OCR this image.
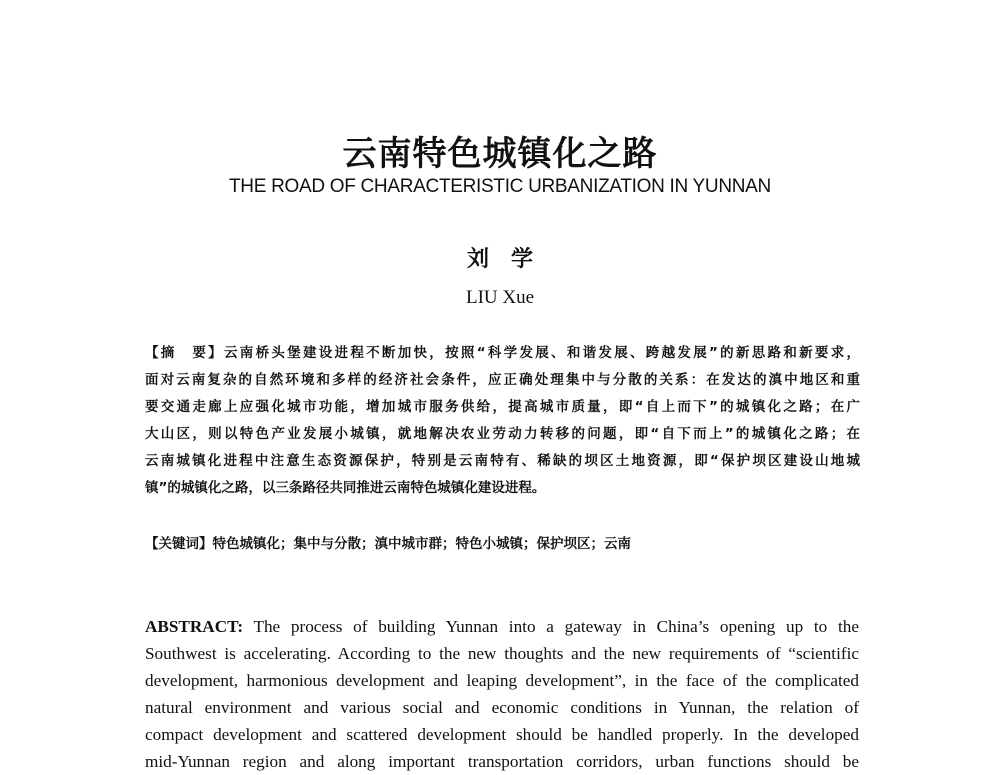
云南特色城镇化之路
THE ROAD OF CHARACTERISTIC URBANIZATION IN YUNNAN
刘　学
LIU Xue
【摘　要】云南桥头堡建设进程不断加快，按照“科学发展、和谐发展、跨越发展”的新思路和新要求，
面对云南复杂的自然环境和多样的经济社会条件，应正确处理集中与分散的关系：在发达的滇中地区和重
要交通走廊上应强化城市功能，增加城市服务供给，提高城市质量，即“自上而下”的城镇化之路；在广
大山区，则以特色产业发展小城镇，就地解决农业劳动力转移的问题，即“自下而上”的城镇化之路；在
云南城镇化进程中注意生态资源保护，特别是云南特有、稀缺的坝区土地资源，即“保护坝区建设山地城
镇”的城镇化之路，以三条路径共同推进云南特色城镇化建设进程。
【关键词】特色城镇化；集中与分散；滇中城市群；特色小城镇；保护坝区；云南
ABSTRACT: The process of building Yunnan into a gateway in China’s opening up to the
Southwest is accelerating. According to the new thoughts and the new requirements of “scientific
development, harmonious development and leaping development”, in the face of the complicated
natural environment and various social and economic conditions in Yunnan, the relation of
compact development and scattered development should be handled properly. In the developed
mid-Yunnan region and along important transportation corridors, urban functions should be
